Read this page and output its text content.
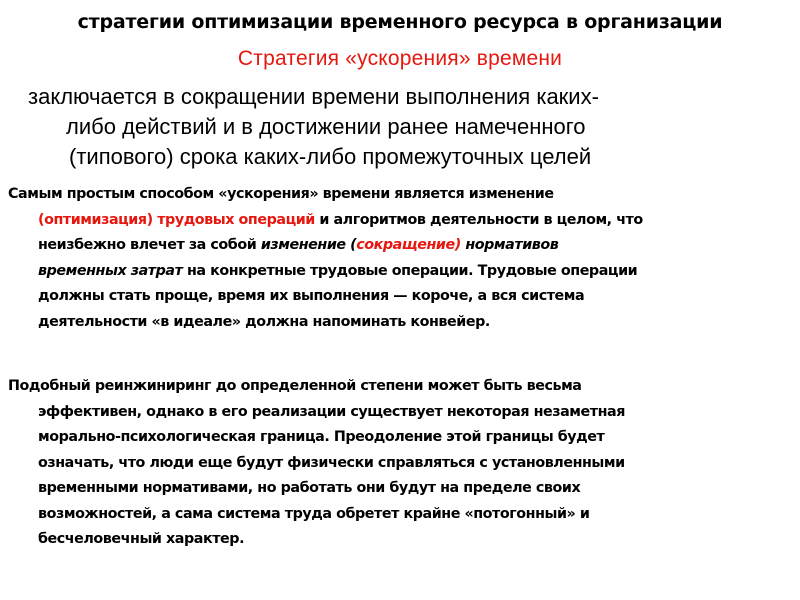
стратегии оптимизации временного ресурса в организации
Стратегия «ускорения» времени
заключается в сокращении времени выполнения каких-
либо действий и в достижении ранее намеченного
(типового) срока каких-либо промежуточных целей
Самым простым способом «ускорения» времени является изменение
(оптимизация) трудовых операций и алгоритмов деятельности в целом, что
неизбежно влечет за собой изменение (сокращение) нормативов
временных затрат на конкретные трудовые операции. Трудовые операции
должны стать проще, время их выполнения — короче, а вся система
деятельности «в идеале» должна напоминать конвейер.
Подобный реинжиниринг до определенной степени может быть весьма
эффективен, однако в его реализации существует некоторая незаметная
морально-психологическая граница. Преодоление этой границы будет
означать, что люди еще будут физически справляться с установленными
временными нормативами, но работать они будут на пределе своих
возможностей, а сама система труда обретет крайне «потогонный» и
бесчеловечный характер.
